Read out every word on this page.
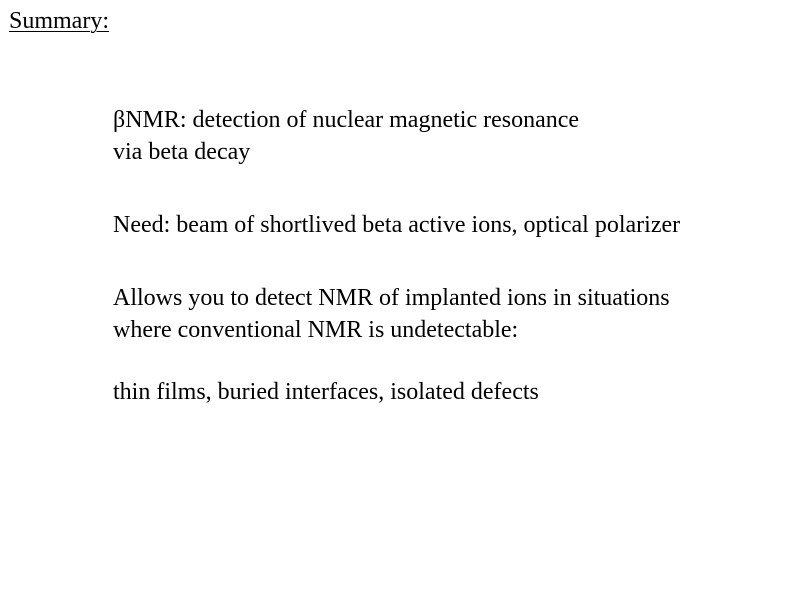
Summary:
βNMR: detection of nuclear magnetic resonance
via beta decay
Need: beam of shortlived beta active ions, optical polarizer
Allows you to detect NMR of implanted ions in situations
where conventional NMR is undetectable:
thin films, buried interfaces, isolated defects
